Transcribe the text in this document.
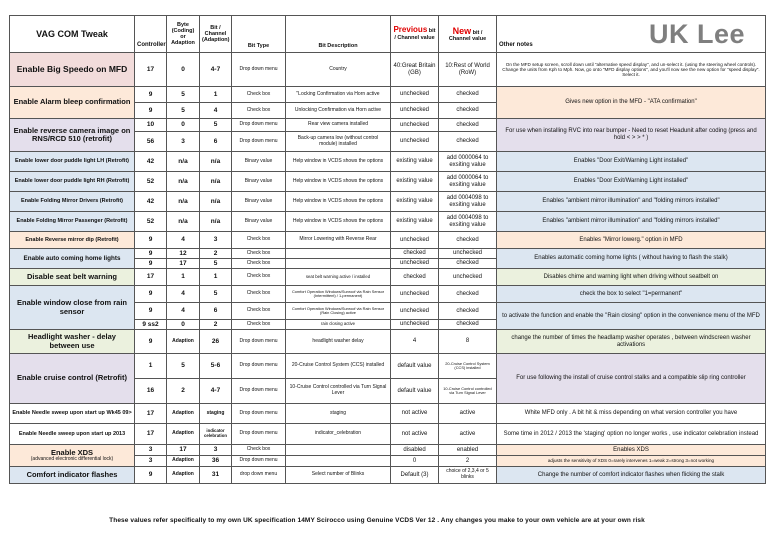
VAG COM Tweak	Controller	Byte (Coding) or Adaption	Bit / Channel (Adaption)	Bit Type	Bit Description	Previous bit / Channel value	New bit / Channel value	Other notes UK Lee

Enable Big Speedo on MFD	17	0	4-7	Drop down menu	Country	40:Great Britain (GB)	10:Rest of World (RoW)	On the MFD setup screen, scroll down until "alternative speed display", and un-select it. (using the steering wheel controls). Change the units from Kph to Mph. Now, go onto "MFD display options", and you'll now see the new option for "speed display". Select it.
Enable Alarm bleep confirmation	9	5	1	Check box	"Locking Confirmation via Horn active	unchecked	checked	Gives new option in the MFD - "ATA confirmation"
	9	5	4	Check box	Unlocking Confirmation via Horn active	unchecked	checked	
Enable reverse camera image on RNS/RCD 510 (retrofit)	10	0	5	Drop down menu	Rear view camera installed	unchecked	checked	For use when installing RVC into rear bumper - Need to reset Headunit after coding (press and hold < > > * )
	56	3	6	Drop down menu	Back-up camera low (without control module) installed	unchecked	checked	
Enable lower door puddle light LH (Retrofit)	42	n/a	n/a	Binary value	Help window in VCDS shows the options	existing value	add 0000064 to exsiting value	Enables "Door Exit/Warning Light installed"
Enable lower door puddle light RH (Retrofit)	52	n/a	n/a	Binary value	Help window in VCDS shows the options	existing value	add 0000064 to exsiting value	Enables "Door Exit/Warning Light installed"
Enable Folding Mirror Drivers (Retrofit)	42	n/a	n/a	Binary value	Help window in VCDS shows the options	existing value	add 0004098 to exsiting value	Enables "ambient mirror illumination" and "folding mirrors installed"
Enable Folding Mirror Passenger (Retrofit)	52	n/a	n/a	Binary value	Help window in VCDS shows the options	existing value	add 0004098 to exsiting value	Enables "ambient mirror illumination" and "folding mirrors installed"
Enable Reverse mirror dip (Retrofit)	9	4	3	Check box	Mirror Lowering with Reverse Rear	unchecked	checked	Enables "Mirror lowerg." option in MFD
Enable auto coming home lights	9	12	2	Check box		checked	unchecked	Enables automatic coming home lights ( without having to flash the stalk)
	9	17	5	Check box		unchecked	checked	
Disable seat belt warning	17	1	1	Check box	seat belt warning active / installed	checked	unchecked	Disables chime and warning light when driving without seatbelt on
Enable window close from rain sensor	9	4	5	Check box	Comfort Operation Windows/Sunroof via Rain Sensor (Intermittent) / 1-permanent)	unchecked	checked	check the box to select "1=permanent"
	9	4	6	Check box	Comfort Operation Windows/Sunroof via Rain Sensor (Rain Closing) active	unchecked	checked	to activate the function and enable the "Rain closing" option in the convenience menu of the MFD
	9 ss2	0	2	Check box	rain closing active	unchecked	checked	
Headlight washer - delay between use	9	Adaption	26	Drop down menu	headlight washer delay	4	8	change the number of times the headlamp washer operates , between windscreen washer activations
Enable cruise control (Retrofit)	1	5	5-6	Drop down menu	20-Cruise Control System (CCS) installed	default value	20-Cruise Control System (CCS) installed	For use following the install of cruise control stalks and a compatible slip ring controller
	16	2	4-7	Drop down menu	10-Cruise Control controlled via Turn Signal Lever	default value	10-Cruise Control controlled via Turn Signal Lever	
Enable Needle sweep upon start up Wk45 09>	17	Adaption	staging	Drop down menu	staging	not active	active	White MFD only . A bit hit & miss depending on what version controller you have
Enable Needle sweep upon start up 2013	17	Adaption	indicator celebration	Drop down menu	indicator_celebration	not active	active	Some time in 2012 / 2013 the 'staging' option no longer works , use indicator celebration instead
Enable XDS
(advanced electronic differential lock)	3	17	3	Check box		disabled	enabled	Enables XDS
	3	Adaption	36	Drop down menu		0	2	adjusts the sensitivity of XDS 0=rarely intervenes 1=weak 2=strong 3=not working
Comfort indicator flashes	9	Adaption	31	drop down menu	Select number of Blinks	Default (3)	choice of 2,3,4 or 5 blinks	Change the number of comfort indicator flashes when flicking the stalk
These values refer specifically to my own UK specification 14MY Scirocco using Genuine VCDS Ver 12 . Any changes you make to your own vehicle are at your own risk
